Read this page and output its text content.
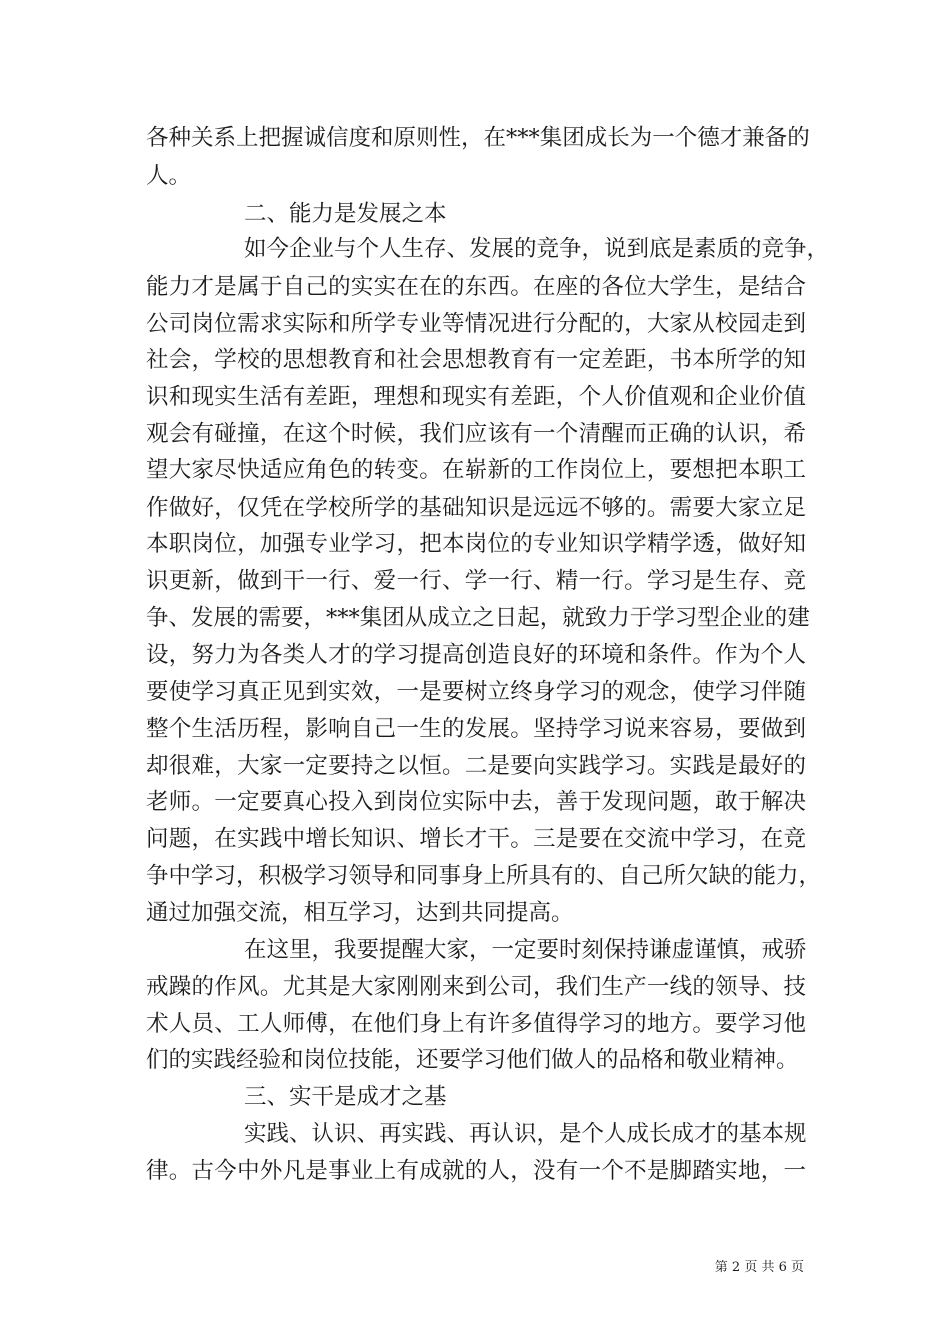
各种关系上把握诚信度和原则性，在***集团成长为一个德才兼备的
人。
二、能力是发展之本
如今企业与个人生存、发展的竞争，说到底是素质的竞争，
能力才是属于自己的实实在在的东西。在座的各位大学生，是结合
公司岗位需求实际和所学专业等情况进行分配的，大家从校园走到
社会，学校的思想教育和社会思想教育有一定差距，书本所学的知
识和现实生活有差距，理想和现实有差距，个人价值观和企业价值
观会有碰撞，在这个时候，我们应该有一个清醒而正确的认识，希
望大家尽快适应角色的转变。在崭新的工作岗位上，要想把本职工
作做好，仅凭在学校所学的基础知识是远远不够的。需要大家立足
本职岗位，加强专业学习，把本岗位的专业知识学精学透，做好知
识更新，做到干一行、爱一行、学一行、精一行。学习是生存、竞
争、发展的需要，***集团从成立之日起，就致力于学习型企业的建
设，努力为各类人才的学习提高创造良好的环境和条件。作为个人
要使学习真正见到实效，一是要树立终身学习的观念，使学习伴随
整个生活历程，影响自己一生的发展。坚持学习说来容易，要做到
却很难，大家一定要持之以恒。二是要向实践学习。实践是最好的
老师。一定要真心投入到岗位实际中去，善于发现问题，敢于解决
问题，在实践中增长知识、增长才干。三是要在交流中学习，在竞
争中学习，积极学习领导和同事身上所具有的、自己所欠缺的能力，
通过加强交流，相互学习，达到共同提高。
在这里，我要提醒大家，一定要时刻保持谦虚谨慎，戒骄
戒躁的作风。尤其是大家刚刚来到公司，我们生产一线的领导、技
术人员、工人师傅，在他们身上有许多值得学习的地方。要学习他
们的实践经验和岗位技能，还要学习他们做人的品格和敬业精神。
三、实干是成才之基
实践、认识、再实践、再认识，是个人成长成才的基本规
律。古今中外凡是事业上有成就的人，没有一个不是脚踏实地，一
第 2 页 共 6 页
